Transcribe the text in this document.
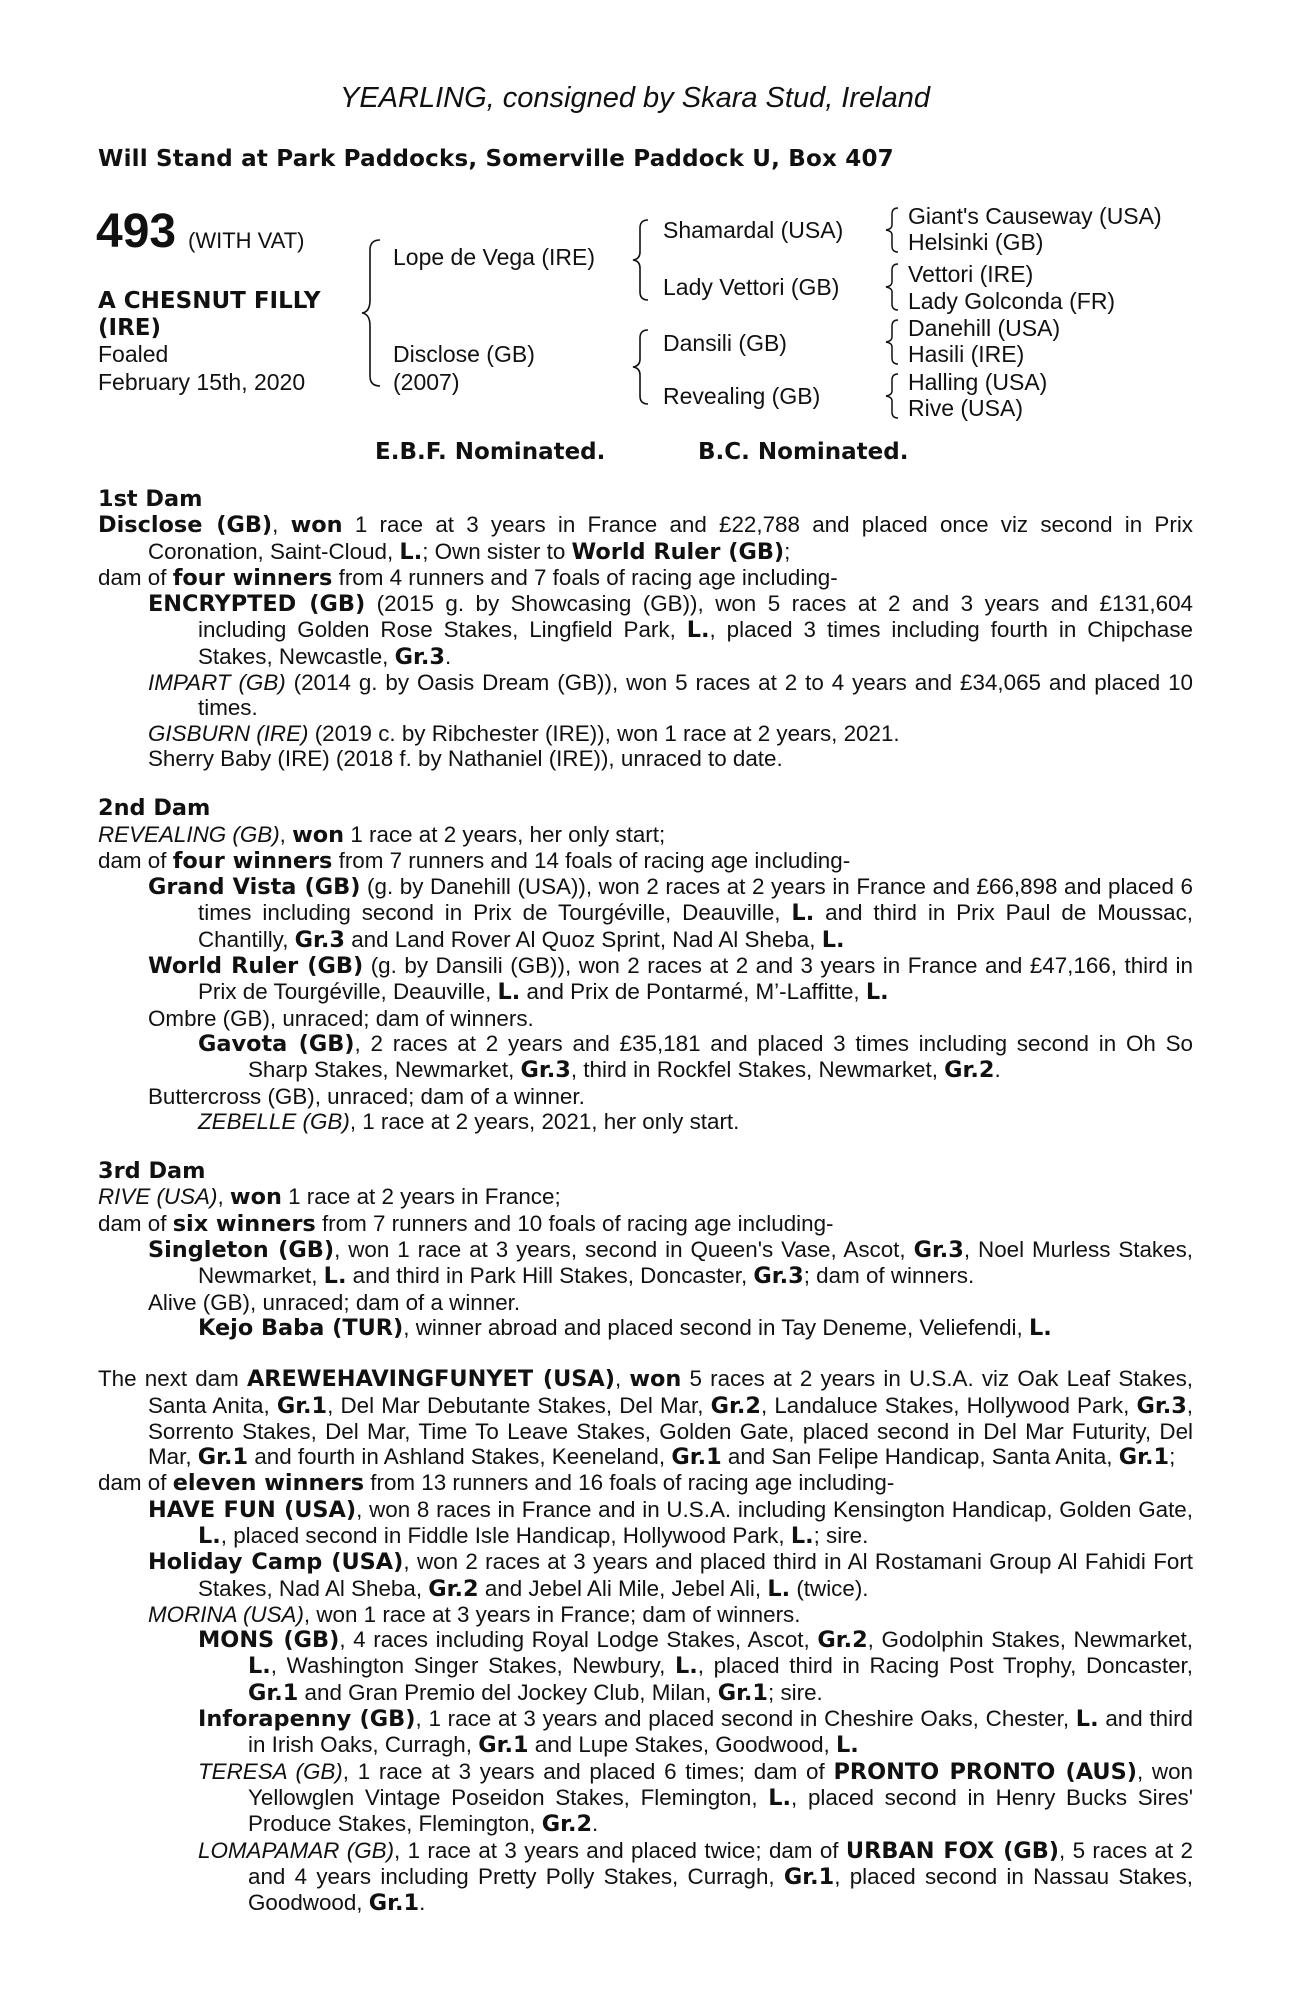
YEARLING, consigned by Skara Stud, Ireland
Will Stand at Park Paddocks, Somerville Paddock U, Box 407
493 (WITH VAT)
A CHESNUT FILLY
(IRE)
Foaled
February 15th, 2020
Lope de Vega (IRE)
Disclose (GB)
(2007)
Shamardal (USA)
Lady Vettori (GB)
Dansili (GB)
Revealing (GB)
Giant's Causeway (USA)
Helsinki (GB)
Vettori (IRE)
Lady Golconda (FR)
Danehill (USA)
Hasili (IRE)
Halling (USA)
Rive (USA)
E.B.F. Nominated.	B.C. Nominated.
1st Dam

Disclose (GB), won 1 race at 3 years in France and £22,788 and placed once viz second in Prix Coronation, Saint-Cloud, L.; Own sister to World Ruler (GB);

dam of four winners from 4 runners and 7 foals of racing age including-

ENCRYPTED (GB) (2015 g. by Showcasing (GB)), won 5 races at 2 and 3 years and £131,604 including Golden Rose Stakes, Lingfield Park, L., placed 3 times including fourth in Chipchase Stakes, Newcastle, Gr.3.

IMPART (GB) (2014 g. by Oasis Dream (GB)), won 5 races at 2 to 4 years and £34,065 and placed 10 times.

GISBURN (IRE) (2019 c. by Ribchester (IRE)), won 1 race at 2 years, 2021.

Sherry Baby (IRE) (2018 f. by Nathaniel (IRE)), unraced to date.

2nd Dam

REVEALING (GB), won 1 race at 2 years, her only start;

dam of four winners from 7 runners and 14 foals of racing age including-

Grand Vista (GB) (g. by Danehill (USA)), won 2 races at 2 years in France and £66,898 and placed 6 times including second in Prix de Tourgéville, Deauville, L. and third in Prix Paul de Moussac, Chantilly, Gr.3 and Land Rover Al Quoz Sprint, Nad Al Sheba, L.

World Ruler (GB) (g. by Dansili (GB)), won 2 races at 2 and 3 years in France and £47,166, third in Prix de Tourgéville, Deauville, L. and Prix de Pontarmé, M’-Laffitte, L.

Ombre (GB), unraced; dam of winners.

Gavota (GB), 2 races at 2 years and £35,181 and placed 3 times including second in Oh So Sharp Stakes, Newmarket, Gr.3, third in Rockfel Stakes, Newmarket, Gr.2.

Buttercross (GB), unraced; dam of a winner.

ZEBELLE (GB), 1 race at 2 years, 2021, her only start.

3rd Dam

RIVE (USA), won 1 race at 2 years in France;

dam of six winners from 7 runners and 10 foals of racing age including-

Singleton (GB), won 1 race at 3 years, second in Queen's Vase, Ascot, Gr.3, Noel Murless Stakes, Newmarket, L. and third in Park Hill Stakes, Doncaster, Gr.3; dam of winners.

Alive (GB), unraced; dam of a winner.

Kejo Baba (TUR), winner abroad and placed second in Tay Deneme, Veliefendi, L.

The next dam AREWEHAVINGFUNYET (USA), won 5 races at 2 years in U.S.A. viz Oak Leaf Stakes, Santa Anita, Gr.1, Del Mar Debutante Stakes, Del Mar, Gr.2, Landaluce Stakes, Hollywood Park, Gr.3, Sorrento Stakes, Del Mar, Time To Leave Stakes, Golden Gate, placed second in Del Mar Futurity, Del Mar, Gr.1 and fourth in Ashland Stakes, Keeneland, Gr.1 and San Felipe Handicap, Santa Anita, Gr.1;

dam of eleven winners from 13 runners and 16 foals of racing age including-

HAVE FUN (USA), won 8 races in France and in U.S.A. including Kensington Handicap, Golden Gate, L., placed second in Fiddle Isle Handicap, Hollywood Park, L.; sire.

Holiday Camp (USA), won 2 races at 3 years and placed third in Al Rostamani Group Al Fahidi Fort Stakes, Nad Al Sheba, Gr.2 and Jebel Ali Mile, Jebel Ali, L. (twice).

MORINA (USA), won 1 race at 3 years in France; dam of winners.

MONS (GB), 4 races including Royal Lodge Stakes, Ascot, Gr.2, Godolphin Stakes, Newmarket, L., Washington Singer Stakes, Newbury, L., placed third in Racing Post Trophy, Doncaster, Gr.1 and Gran Premio del Jockey Club, Milan, Gr.1; sire.

Inforapenny (GB), 1 race at 3 years and placed second in Cheshire Oaks, Chester, L. and third in Irish Oaks, Curragh, Gr.1 and Lupe Stakes, Goodwood, L.

TERESA (GB), 1 race at 3 years and placed 6 times; dam of PRONTO PRONTO (AUS), won Yellowglen Vintage Poseidon Stakes, Flemington, L., placed second in Henry Bucks Sires' Produce Stakes, Flemington, Gr.2.

LOMAPAMAR (GB), 1 race at 3 years and placed twice; dam of URBAN FOX (GB), 5 races at 2 and 4 years including Pretty Polly Stakes, Curragh, Gr.1, placed second in Nassau Stakes, Goodwood, Gr.1.
